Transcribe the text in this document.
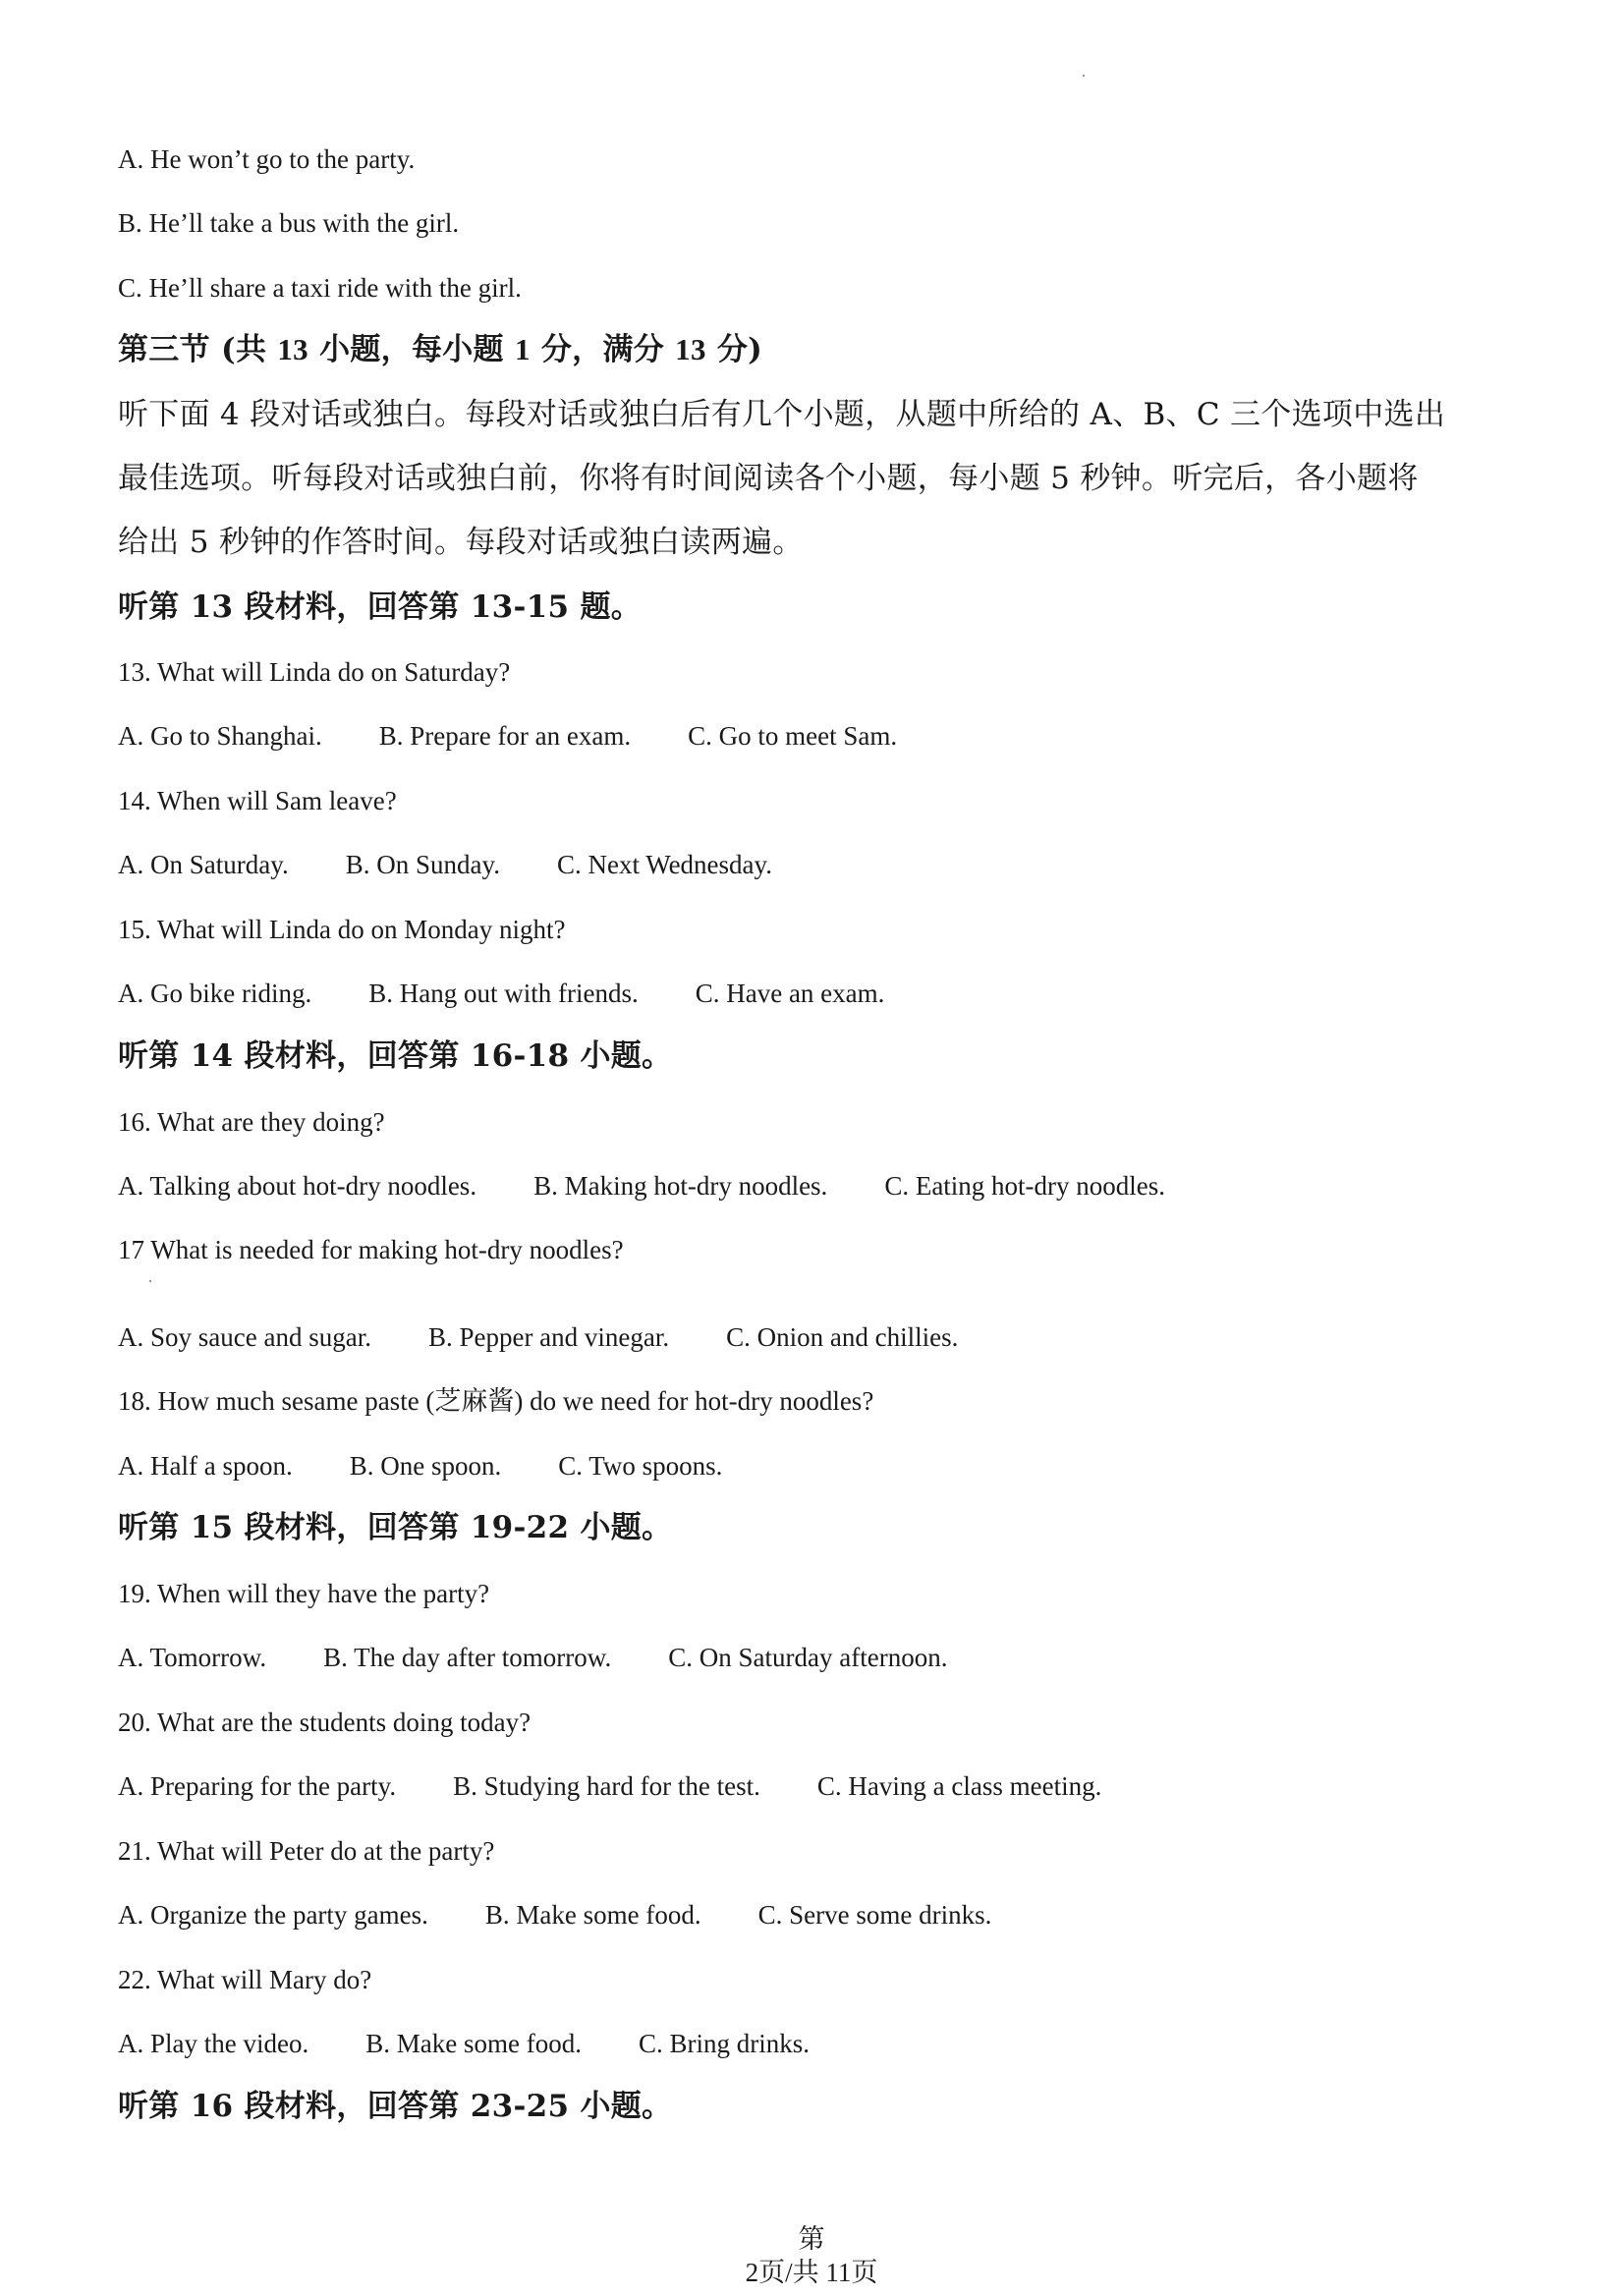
A. He won’t go to the party.
B. He’ll take a bus with the girl.
C. He’ll share a taxi ride with the girl.
第三节 (共 13 小题，每小题 1 分，满分 13 分)
听下面 4 段对话或独白。每段对话或独白后有几个小题，从题中所给的 A、B、C 三个选项中选出
最佳选项。听每段对话或独白前，你将有时间阅读各个小题，每小题 5 秒钟。听完后，各小题将
给出 5 秒钟的作答时间。每段对话或独白读两遍。
听第 13 段材料，回答第 13-15 题。
13. What will Linda do on Saturday?
A. Go to Shanghai. B. Prepare for an exam. C. Go to meet Sam.
14. When will Sam leave?
A. On Saturday. B. On Sunday. C. Next Wednesday.
15. What will Linda do on Monday night?
A. Go bike riding. B. Hang out with friends. C. Have an exam.
听第 14 段材料，回答第 16-18 小题。
16. What are they doing?
A. Talking about hot-dry noodles. B. Making hot-dry noodles. C. Eating hot-dry noodles.
17 What is needed for making hot-dry noodles?
A. Soy sauce and sugar. B. Pepper and vinegar. C. Onion and chillies.
18. How much sesame paste (芝麻酱) do we need for hot-dry noodles?
A. Half a spoon. B. One spoon. C. Two spoons.
听第 15 段材料，回答第 19-22 小题。
19. When will they have the party?
A. Tomorrow. B. The day after tomorrow. C. On Saturday afternoon.
20. What are the students doing today?
A. Preparing for the party. B. Studying hard for the test. C. Having a class meeting.
21. What will Peter do at the party?
A. Organize the party games. B. Make some food. C. Serve some drinks.
22. What will Mary do?
A. Play the video. B. Make some food. C. Bring drinks.
听第 16 段材料，回答第 23-25 小题。
第
2页/共 11页
